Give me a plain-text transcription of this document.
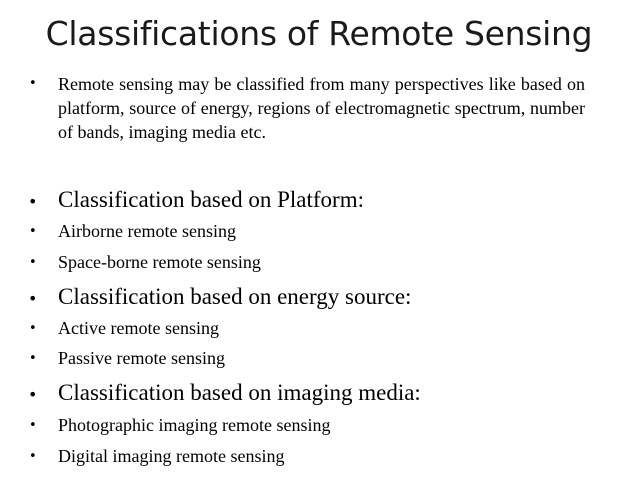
Classifications of Remote Sensing
• Remote sensing may be classified from many perspectives like based on platform, source of energy, regions of electromagnetic spectrum, number of bands, imaging media etc.
• Classification based on Platform:
• Airborne remote sensing
• Space-borne remote sensing
• Classification based on energy source:
• Active remote sensing
• Passive remote sensing
• Classification based on imaging media:
• Photographic imaging remote sensing
• Digital imaging remote sensing
